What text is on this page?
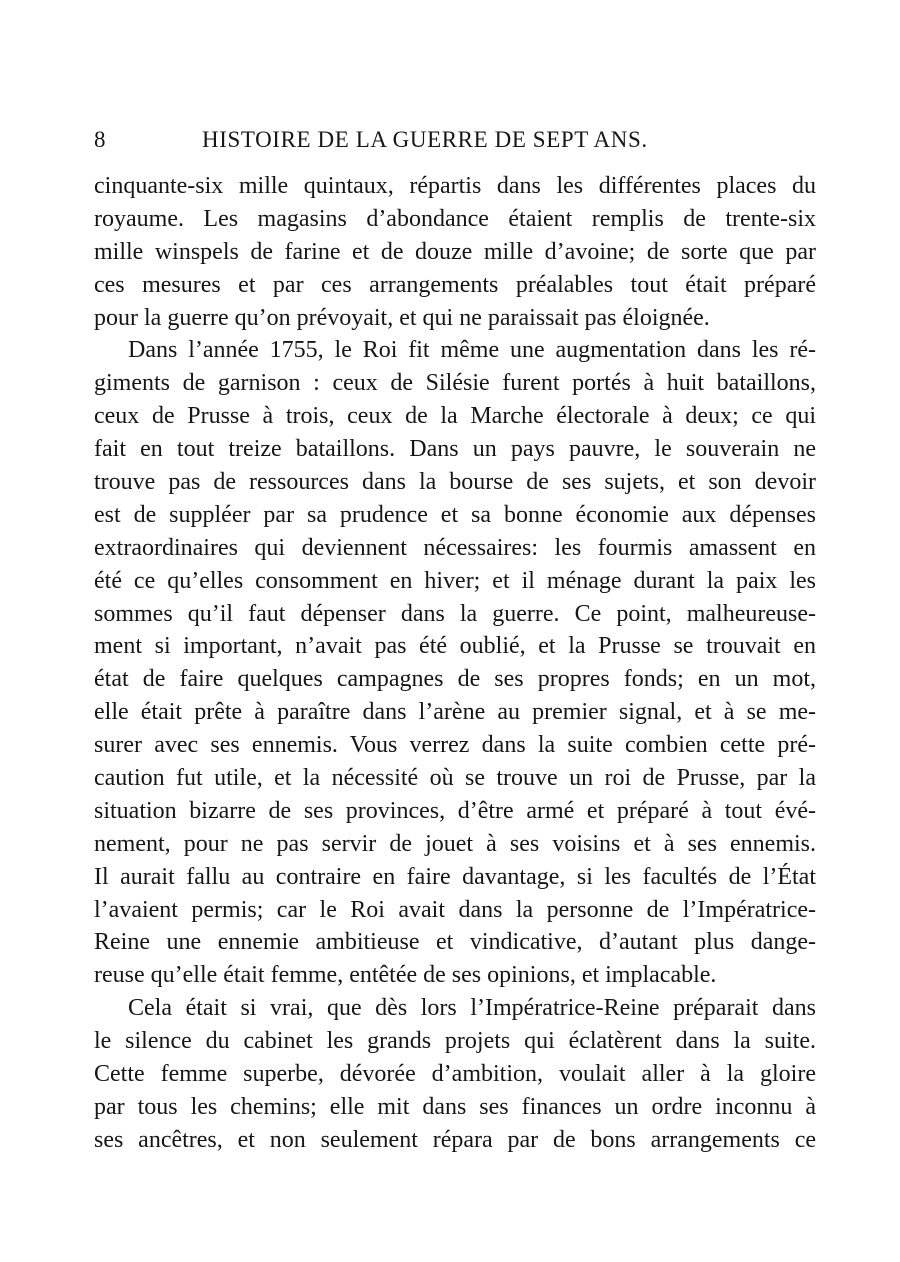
8	HISTOIRE DE LA GUERRE DE SEPT ANS.
cinquante-six mille quintaux, répartis dans les différentes places du
royaume. Les magasins d’abondance étaient remplis de trente-six
mille winspels de farine et de douze mille d’avoine; de sorte que par
ces mesures et par ces arrangements préalables tout était préparé
pour la guerre qu’on prévoyait, et qui ne paraissait pas éloignée.
Dans l’année 1755, le Roi fit même une augmentation dans les ré-
giments de garnison : ceux de Silésie furent portés à huit bataillons,
ceux de Prusse à trois, ceux de la Marche électorale à deux; ce qui
fait en tout treize bataillons. Dans un pays pauvre, le souverain ne
trouve pas de ressources dans la bourse de ses sujets, et son devoir
est de suppléer par sa prudence et sa bonne économie aux dépenses
extraordinaires qui deviennent nécessaires: les fourmis amassent en
été ce qu’elles consomment en hiver; et il ménage durant la paix les
sommes qu’il faut dépenser dans la guerre. Ce point, malheureuse-
ment si important, n’avait pas été oublié, et la Prusse se trouvait en
état de faire quelques campagnes de ses propres fonds; en un mot,
elle était prête à paraître dans l’arène au premier signal, et à se me-
surer avec ses ennemis. Vous verrez dans la suite combien cette pré-
caution fut utile, et la nécessité où se trouve un roi de Prusse, par la
situation bizarre de ses provinces, d’être armé et préparé à tout évé-
nement, pour ne pas servir de jouet à ses voisins et à ses ennemis.
Il aurait fallu au contraire en faire davantage, si les facultés de l’État
l’avaient permis; car le Roi avait dans la personne de l’Impératrice-
Reine une ennemie ambitieuse et vindicative, d’autant plus dange-
reuse qu’elle était femme, entêtée de ses opinions, et implacable.
Cela était si vrai, que dès lors l’Impératrice-Reine préparait dans
le silence du cabinet les grands projets qui éclatèrent dans la suite.
Cette femme superbe, dévorée d’ambition, voulait aller à la gloire
par tous les chemins; elle mit dans ses finances un ordre inconnu à
ses ancêtres, et non seulement répara par de bons arrangements ce
